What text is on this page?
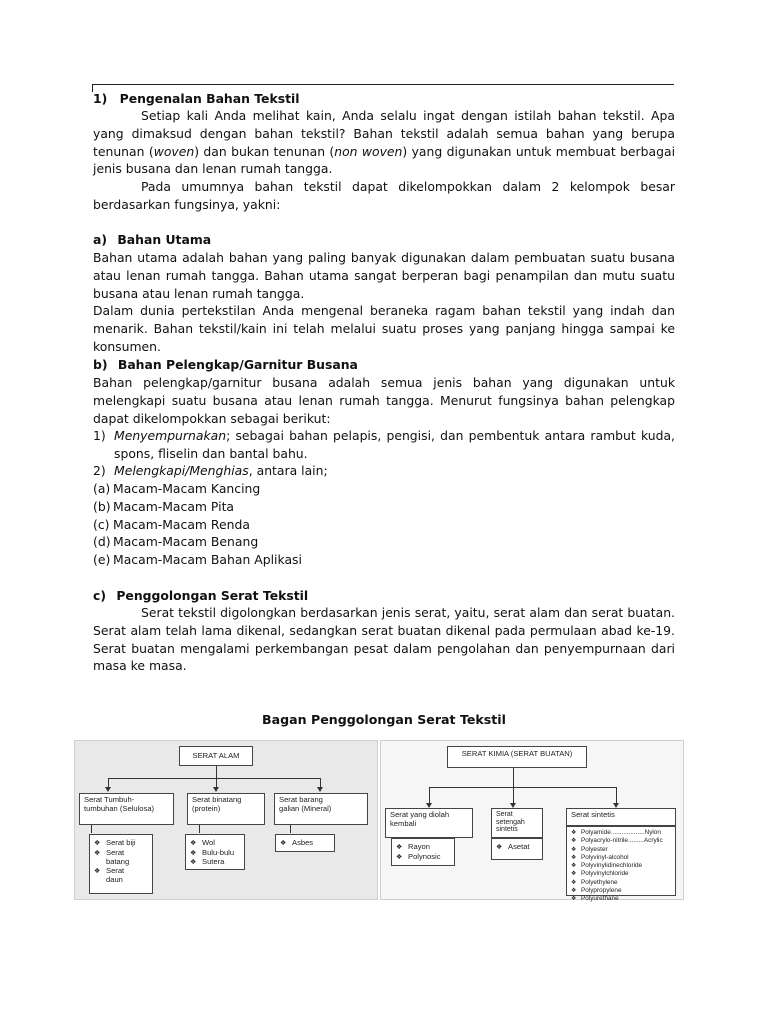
1) Pengenalan Bahan Tekstil
Setiap kali Anda melihat kain, Anda selalu ingat dengan istilah bahan tekstil. Apa yang dimaksud dengan bahan tekstil? Bahan tekstil adalah semua bahan yang berupa tenunan (woven) dan bukan tenunan (non woven) yang digunakan untuk membuat berbagai jenis busana dan lenan rumah tangga.
Pada umumnya bahan tekstil dapat dikelompokkan dalam 2 kelompok besar berdasarkan fungsinya, yakni:
a) Bahan Utama
Bahan utama adalah bahan yang paling banyak digunakan dalam pembuatan suatu busana atau lenan rumah tangga. Bahan utama sangat berperan bagi penampilan dan mutu suatu busana atau lenan rumah tangga.
Dalam dunia pertekstilan Anda mengenal beraneka ragam bahan tekstil yang indah dan menarik. Bahan tekstil/kain ini telah melalui suatu proses yang panjang hingga sampai ke konsumen.
b) Bahan Pelengkap/Garnitur Busana
Bahan pelengkap/garnitur busana adalah semua jenis bahan yang digunakan untuk melengkapi suatu busana atau lenan rumah tangga. Menurut fungsinya bahan pelengkap dapat dikelompokkan sebagai berikut:
1) Menyempurnakan; sebagai bahan pelapis, pengisi, dan pembentuk antara rambut kuda, spons, fliselin dan bantal bahu.
2) Melengkapi/Menghias, antara lain;
(a) Macam-Macam Kancing
(b) Macam-Macam Pita
(c) Macam-Macam Renda
(d) Macam-Macam Benang
(e) Macam-Macam Bahan Aplikasi
c) Penggolongan Serat Tekstil
Serat tekstil digolongkan berdasarkan jenis serat, yaitu, serat alam dan serat buatan. Serat alam telah lama dikenal, sedangkan serat buatan dikenal pada permulaan abad ke-19. Serat buatan mengalami perkembangan pesat dalam pengolahan dan penyempurnaan dari masa ke masa.
Bagan Penggolongan Serat Tekstil
SERAT ALAM
Serat Tumbuh-
tumbuhan (Selulosa)
Serat binatang
(protein)
Serat barang
galian (Mineral)
❖ Serat biji
❖ Serat
batang
❖ Serat
daun
❖ Wol
❖ Bulu-bulu
❖ Sutera
❖ Asbes
SERAT KIMIA (SERAT BUATAN)
Serat yang diolah
kembali
Serat
setengah
sintetis
Serat sintetis
❖ Rayon
❖ Polynosic
❖ Asetat
❖ Polyamide...................Nylon
❖ Polyacrylo-nitrile.........Acrylic
❖ Polyester
❖ Polyvinyl-alcohol
❖ Polyvinylidinechloride
❖ Polyvinylchloride
❖ Polyethylene
❖ Polypropylene
❖ Polyurethane
